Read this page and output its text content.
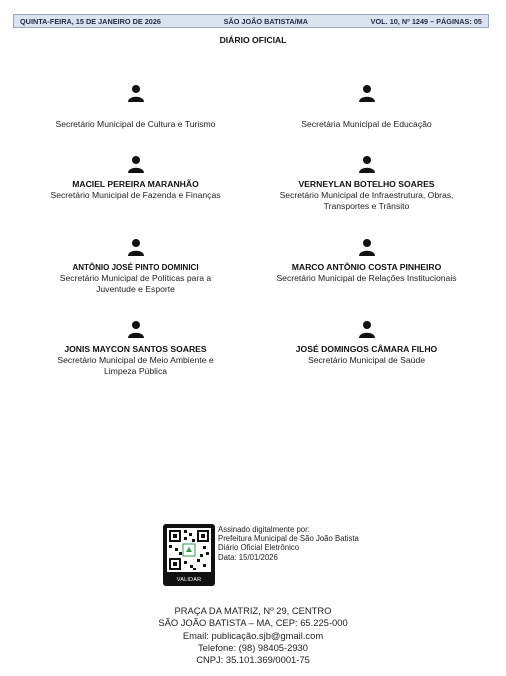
QUINTA-FEIRA, 15 DE JANEIRO DE 2026	SÃO JOÃO BATISTA/MA	VOL. 10, Nº 1249 – PÁGINAS: 05
DIÁRIO OFICIAL
Secretário Municipal de Cultura e Turismo	Secretária Municipal de Educação
MACIEL PEREIRA MARANHÃO
Secretário Municipal de Fazenda e Finanças
VERNEYLAN BOTELHO SOARES
Secretário Municipal de Infraestrutura, Obras,
Transportes e Trânsito
ANTÔNIO JOSÉ PINTO DOMINICI
Secretário Municipal de Políticas para a
Juventude e Esporte
MARCO ANTÔNIO COSTA PINHEIRO
Secretário Municipal de Relações Institucionais
JONIS MAYCON SANTOS SOARES
Secretário Municipal de Meio Ambiente e
Limpeza Pública
JOSÉ DOMINGOS CÂMARA FILHO
Secretário Municipal de Saúde
VALIDAR
Assinado digitalmente por:
Prefeitura Municipal de São João Batista
Diário Oficial Eletrônico
Data: 15/01/2026
PRAÇA DA MATRIZ, Nº 29, CENTRO
SÃO JOÃO BATISTA – MA, CEP: 65.225-000
Email: publicação.sjb@gmail.com
Telefone: (98) 98405-2930
CNPJ: 35.101.369/0001-75
